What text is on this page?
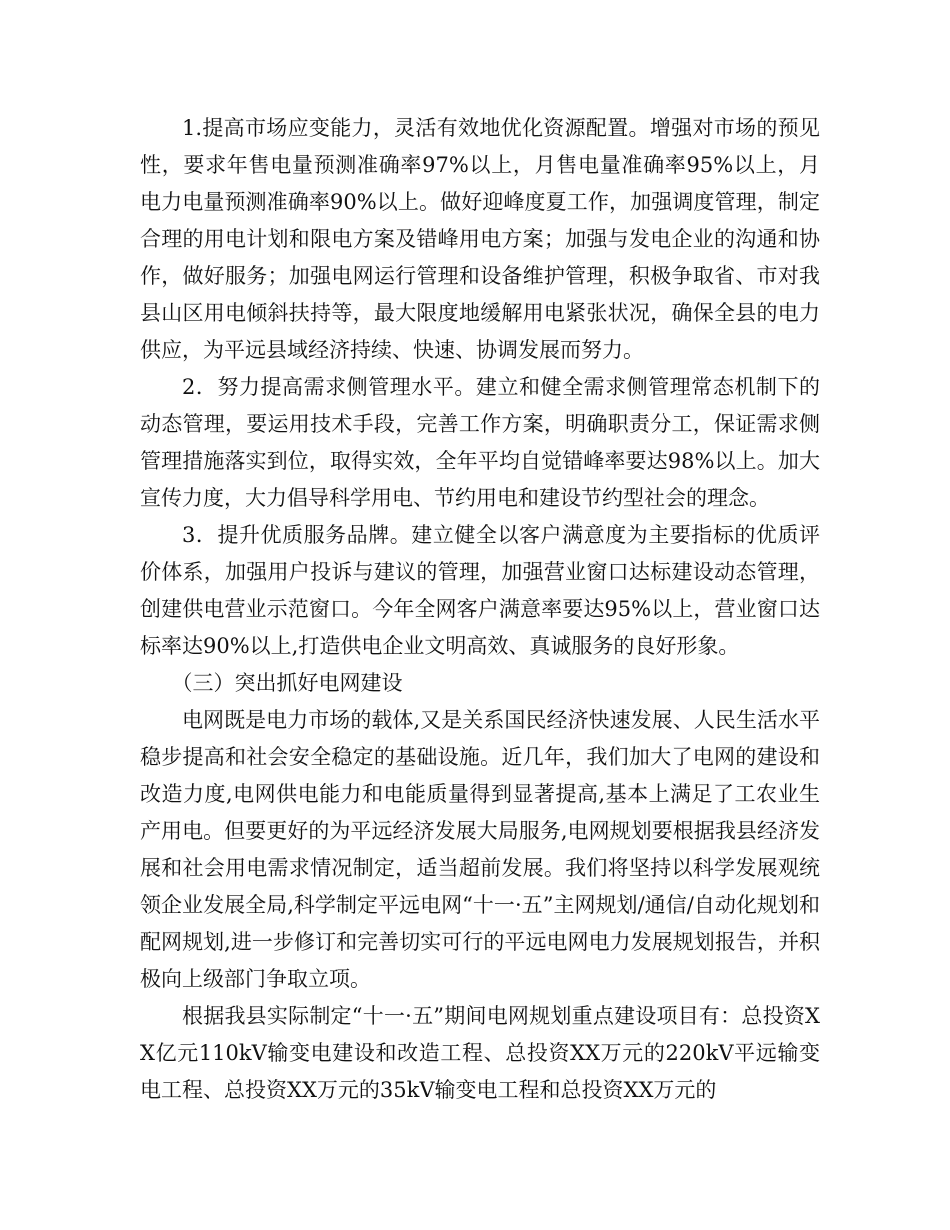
1.提高市场应变能力，灵活有效地优化资源配置。增强对市场的预见性，要求年售电量预测准确率97%以上，月售电量准确率95%以上，月电力电量预测准确率90%以上。做好迎峰度夏工作，加强调度管理，制定合理的用电计划和限电方案及错峰用电方案；加强与发电企业的沟通和协作，做好服务；加强电网运行管理和设备维护管理，积极争取省、市对我县山区用电倾斜扶持等，最大限度地缓解用电紧张状况，确保全县的电力供应，为平远县域经济持续、快速、协调发展而努力。

2．努力提高需求侧管理水平。建立和健全需求侧管理常态机制下的动态管理，要运用技术手段，完善工作方案，明确职责分工，保证需求侧管理措施落实到位，取得实效，全年平均自觉错峰率要达98%以上。加大宣传力度，大力倡导科学用电、节约用电和建设节约型社会的理念。

3．提升优质服务品牌。建立健全以客户满意度为主要指标的优质评价体系，加强用户投诉与建议的管理，加强营业窗口达标建设动态管理，创建供电营业示范窗口。今年全网客户满意率要达95%以上，营业窗口达标率达90%以上,打造供电企业文明高效、真诚服务的良好形象。

（三）突出抓好电网建设

电网既是电力市场的载体,又是关系国民经济快速发展、人民生活水平稳步提高和社会安全稳定的基础设施。近几年，我们加大了电网的建设和改造力度,电网供电能力和电能质量得到显著提高,基本上满足了工农业生产用电。但要更好的为平远经济发展大局服务,电网规划要根据我县经济发展和社会用电需求情况制定，适当超前发展。我们将坚持以科学发展观统领企业发展全局,科学制定平远电网“十一·五”主网规划/通信/自动化规划和配网规划,进一步修订和完善切实可行的平远电网电力发展规划报告，并积极向上级部门争取立项。

根据我县实际制定“十一·五”期间电网规划重点建设项目有：总投资XX亿元110kV输变电建设和改造工程、总投资XX万元的220kV平远输变电工程、总投资XX万元的35kV输变电工程和总投资XX万元的
